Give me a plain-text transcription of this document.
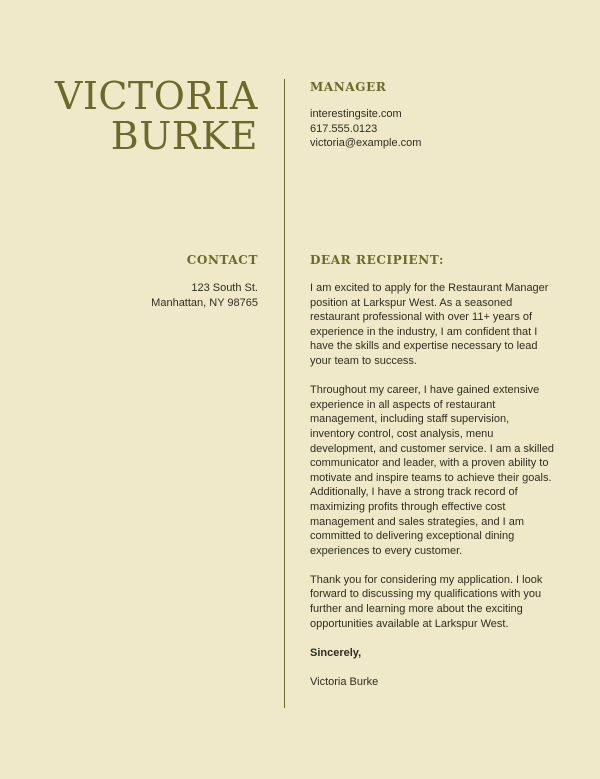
VICTORIA
BURKE
MANAGER
interestingsite.com
617.555.0123
victoria@example.com
CONTACT
123 South St.
Manhattan, NY 98765
DEAR RECIPIENT:

I am excited to apply for the Restaurant Manager position at Larkspur West. As a seasoned restaurant professional with over 11+ years of experience in the industry, I am confident that I have the skills and expertise necessary to lead your team to success.

Throughout my career, I have gained extensive experience in all aspects of restaurant management, including staff supervision, inventory control, cost analysis, menu development, and customer service. I am a skilled communicator and leader, with a proven ability to motivate and inspire teams to achieve their goals. Additionally, I have a strong track record of maximizing profits through effective cost management and sales strategies, and I am committed to delivering exceptional dining experiences to every customer.

Thank you for considering my application. I look forward to discussing my qualifications with you further and learning more about the exciting opportunities available at Larkspur West.

Sincerely,

Victoria Burke
